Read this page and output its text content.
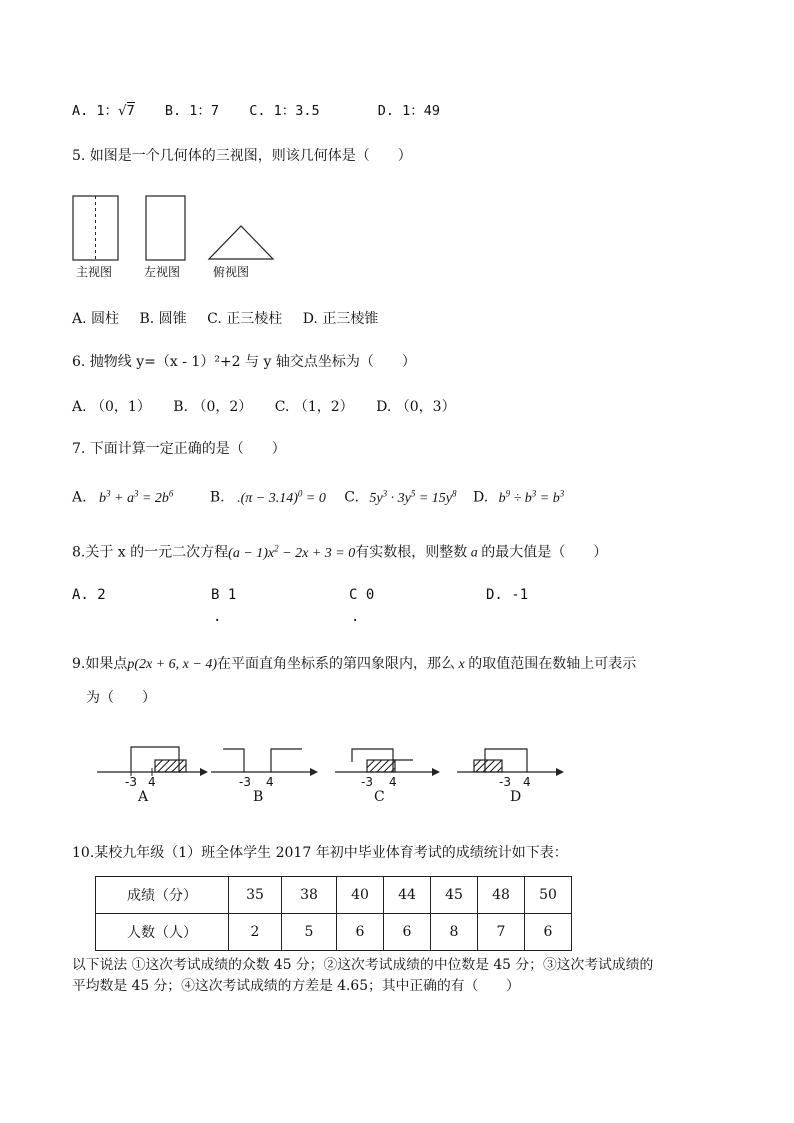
A. 1：√7 B. 1：7 C. 1：3.5	D. 1：49
5. 如图是一个几何体的三视图，则该几何体是（　　）
主视图	左视图	俯视图
A. 圆柱 B. 圆锥 C. 正三棱柱 D. 正三棱锥
6. 抛物线 y=（x - 1）²+2 与 y 轴交点坐标为（　　）
A. （0，1） B. （0，2） C. （1，2） D. （0，3）
7. 下面计算一定正确的是（　　）
A. $b^3 + a^3 = 2b^6$	B. $.(\pi - 3.14)^0 = 0$ C. $5y^3 \cdot 3y^5 = 15y^8$ D. $b^9 \div b^3 = b^3$
8.关于 x 的一元二次方程$(a - 1)x^2 - 2x + 3 = 0$有实数根，则整数 a 的最大值是（　　）
A. 2	B 1	C 0	D. -1
.	.
9.如果点p(2x + 6, x − 4)在平面直角坐标系的第四象限内，那么 x 的取值范围在数轴上可表示
为（　　）
-3 4	-3 4	-3 4	-3 4
A	B	C	D
10.某校九年级（1）班全体学生 2017 年初中毕业体育考试的成绩统计如下表：
成绩（分）	35	38	40	44	45	48	50
人数（人）	2	5	6	6	8	7	6
以下说法 ①这次考试成绩的众数 45 分；②这次考试成绩的中位数是 45 分；③这次考试成绩的
平均数是 45 分；④这次考试成绩的方差是 4.65；其中正确的有（　　）
